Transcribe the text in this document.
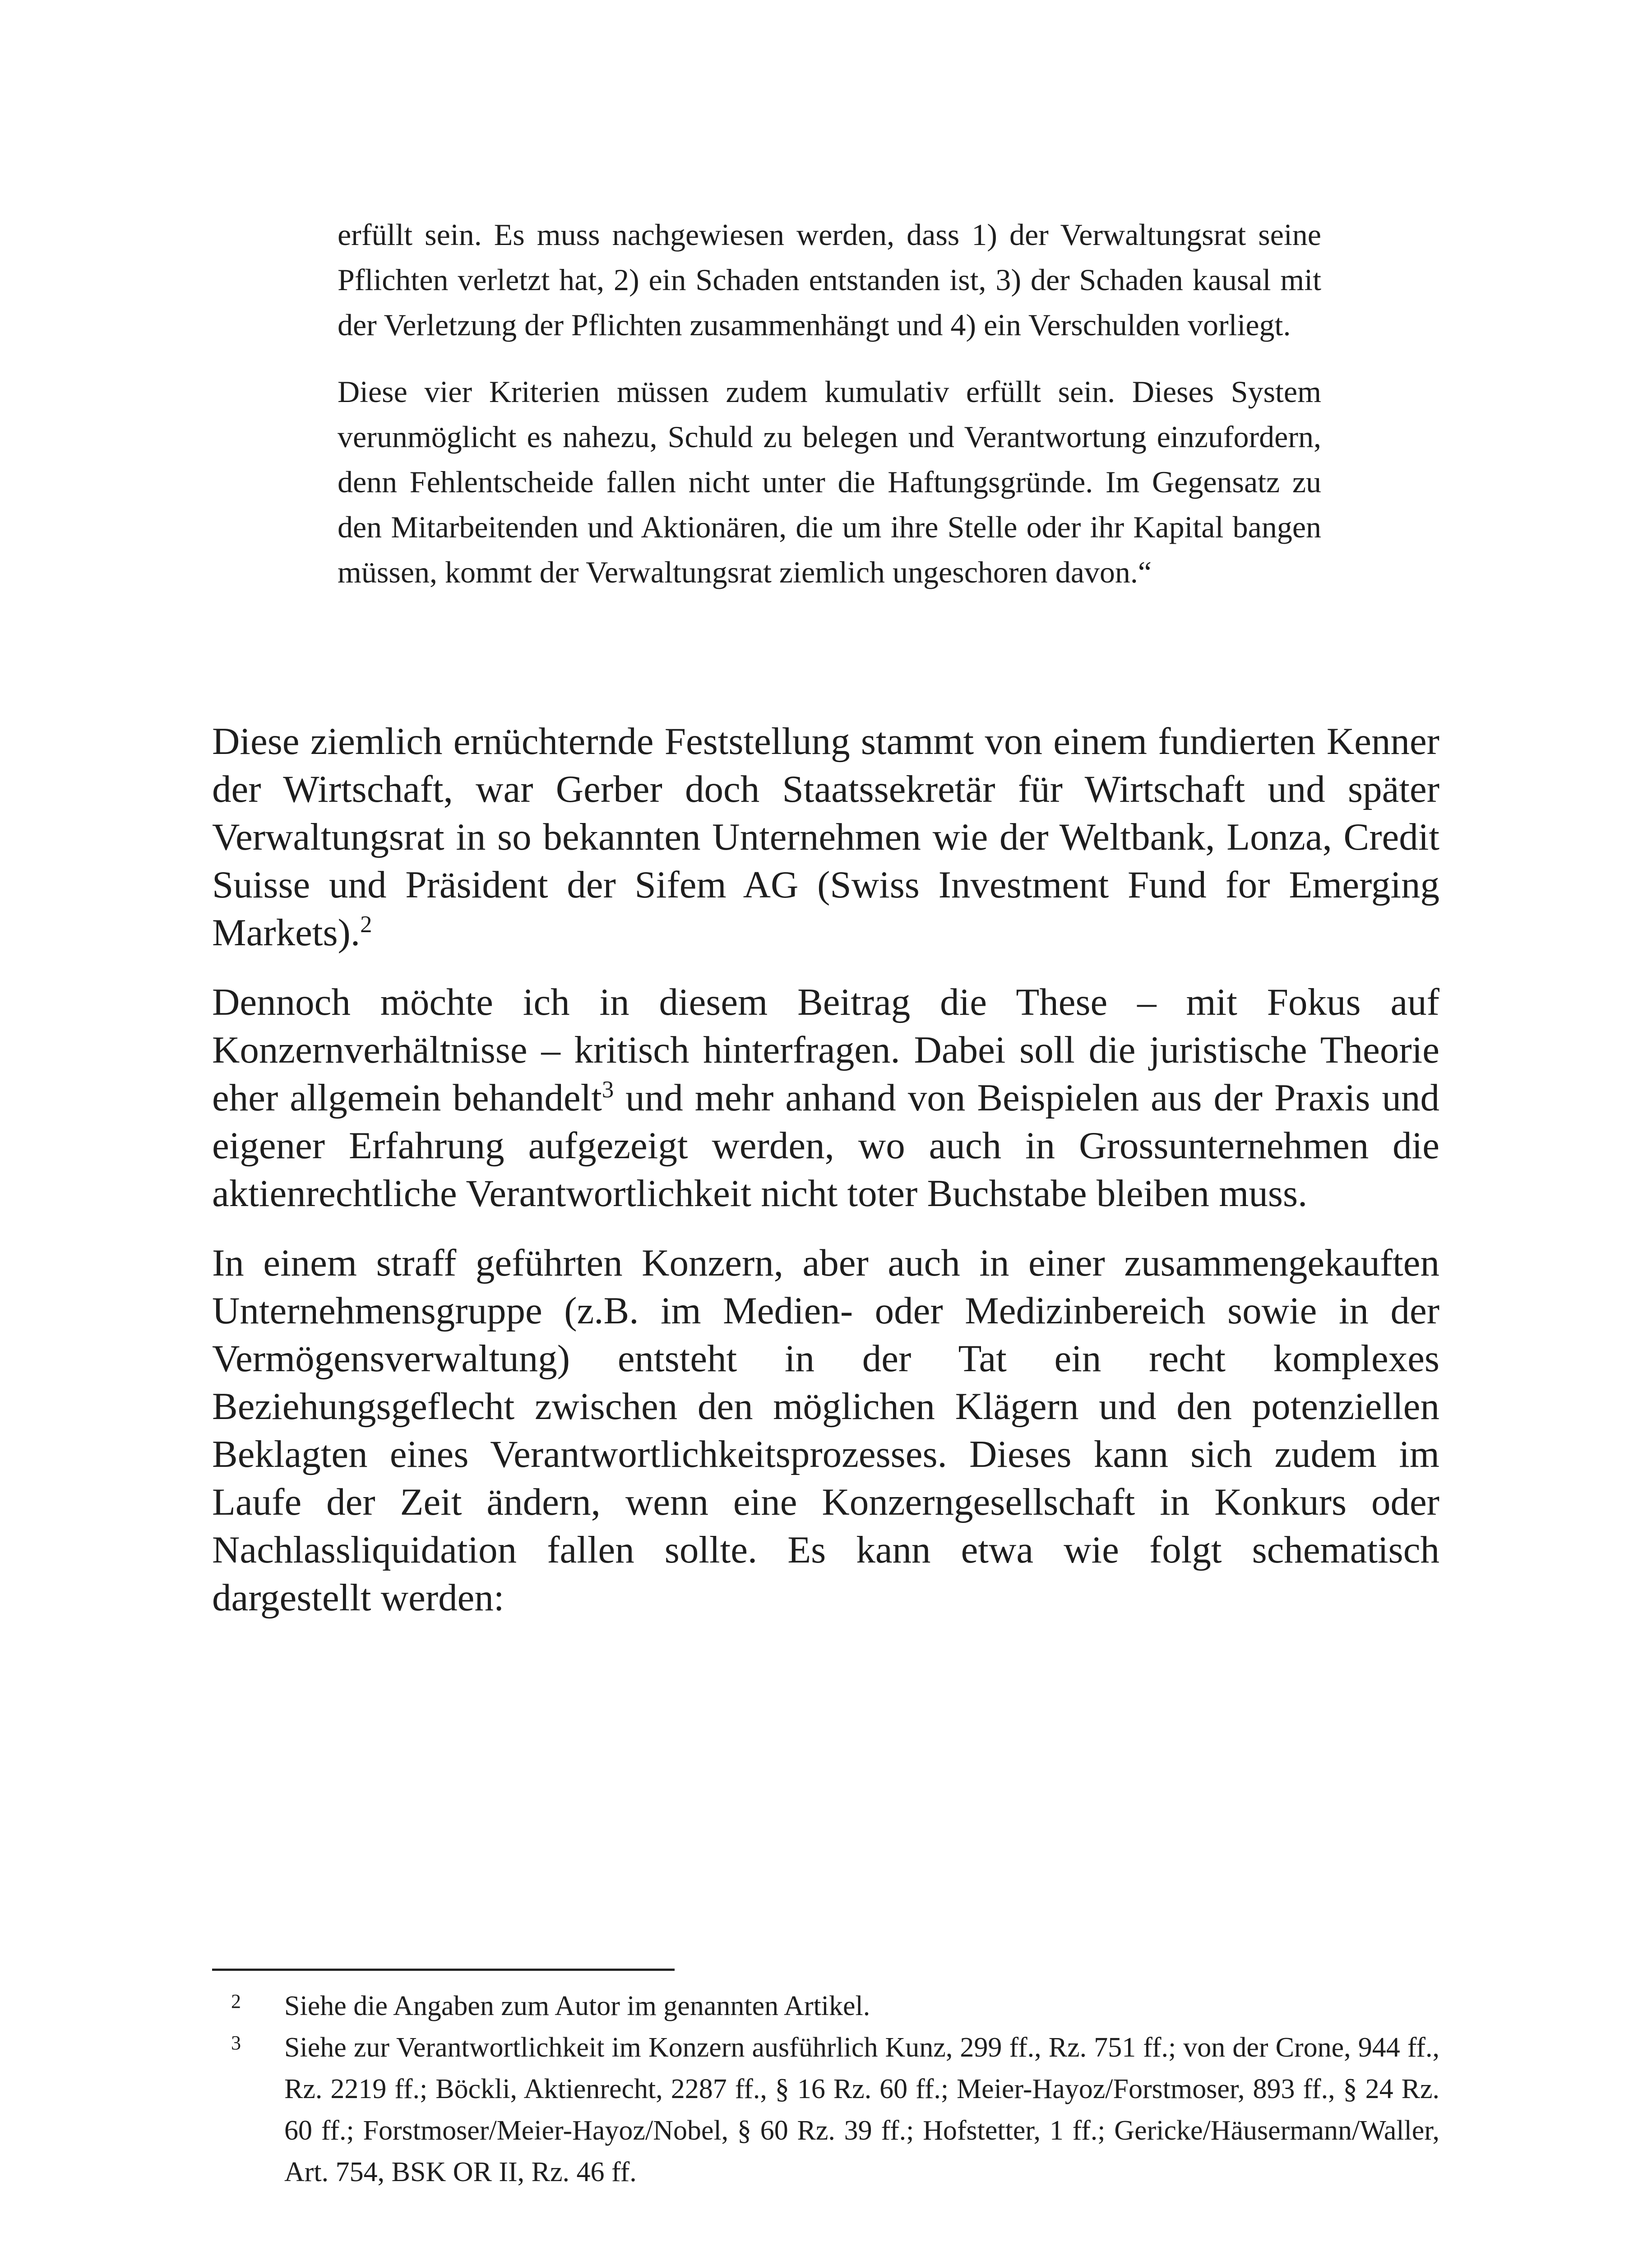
erfüllt sein. Es muss nachgewiesen werden, dass 1) der Verwaltungsrat seine Pflichten verletzt hat, 2) ein Schaden entstanden ist, 3) der Schaden kausal mit der Verletzung der Pflichten zusammenhängt und 4) ein Verschulden vorliegt.

Diese vier Kriterien müssen zudem kumulativ erfüllt sein. Dieses System verunmöglicht es nahezu, Schuld zu belegen und Verantwortung einzufordern, denn Fehlentscheide fallen nicht unter die Haftungsgründe. Im Gegensatz zu den Mitarbeitenden und Aktionären, die um ihre Stelle oder ihr Kapital bangen müssen, kommt der Verwaltungsrat ziemlich ungeschoren davon.“

Diese ziemlich ernüchternde Feststellung stammt von einem fundierten Kenner der Wirtschaft, war Gerber doch Staatssekretär für Wirtschaft und später Verwaltungsrat in so bekannten Unternehmen wie der Weltbank, Lonza, Credit Suisse und Präsident der Sifem AG (Swiss Investment Fund for Emerging Markets).$^2$

Dennoch möchte ich in diesem Beitrag die These – mit Fokus auf Konzernverhältnisse – kritisch hinterfragen. Dabei soll die juristische Theorie eher allgemein behandelt$^3$ und mehr anhand von Beispielen aus der Praxis und eigener Erfahrung aufgezeigt werden, wo auch in Grossunternehmen die aktienrechtliche Verantwortlichkeit nicht toter Buchstabe bleiben muss.

In einem straff geführten Konzern, aber auch in einer zusammengekauften Unternehmensgruppe (z.B. im Medien- oder Medizinbereich sowie in der Vermögensverwaltung) entsteht in der Tat ein recht komplexes Beziehungsgeflecht zwischen den möglichen Klägern und den potenziellen Beklagten eines Verantwortlichkeitsprozesses. Dieses kann sich zudem im Laufe der Zeit ändern, wenn eine Konzerngesellschaft in Konkurs oder Nachlassliquidation fallen sollte. Es kann etwa wie folgt schematisch dargestellt werden:

2 Siehe die Angaben zum Autor im genannten Artikel.
3 Siehe zur Verantwortlichkeit im Konzern ausführlich Kunz, 299 ff., Rz. 751 ff.; von der Crone, 944 ff., Rz. 2219 ff.; Böckli, Aktienrecht, 2287 ff., § 16 Rz. 60 ff.; Meier-Hayoz/Forstmoser, 893 ff., § 24 Rz. 60 ff.; Forstmoser/Meier-Hayoz/Nobel, § 60 Rz. 39 ff.; Hofstetter, 1 ff.; Gericke/Häusermann/Waller, Art. 754, BSK OR II, Rz. 46 ff.
